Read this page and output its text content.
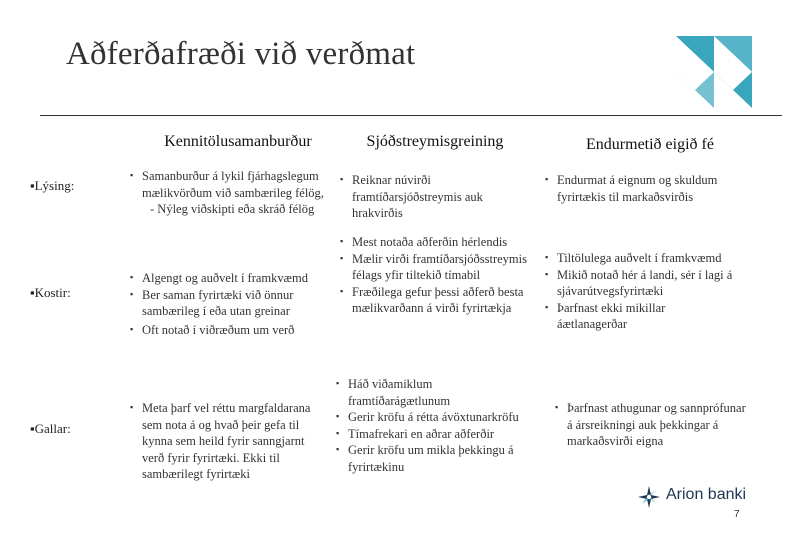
Aðferðafræði við verðmat
Kennitölusamanburður	Sjóðstreymisgreining	Endurmetið eigið fé
▪Lýsing:
▪Kostir:
▪Gallar:
▪ Samanburður á lykil fjárhagslegum mælikvörðum við sambærileg félög,
- Nýleg viðskipti eða skráð félög
▪ Algengt og auðvelt í framkvæmd
▪ Ber saman fyrirtæki við önnur sambærileg í eða utan greinar
▪ Oft notað í viðræðum um verð
▪ Meta þarf vel réttu margfaldarana sem nota á og hvað þeir gefa til kynna sem heild fyrir sanngjarnt verð fyrir fyrirtæki. Ekki til sambærilegt fyrirtæki
▪ Reiknar núvirði framtíðarsjóðstreymis auk hrakvirðis
▪ Mest notaða aðferðin hérlendis
▪ Mælir virði framtíðarsjóðsstreymis félags yfir tiltekið tímabil
▪ Fræðilega gefur þessi aðferð besta mælikvarðann á virði fyrirtækja
▪ Háð viðamiklum framtíðarágætlunum
▪ Gerir kröfu á rétta ávöxtunarkröfu
▪ Tímafrekari en aðrar aðferðir
▪ Gerir kröfu um mikla þekkingu á fyrirtækinu
▪ Endurmat á eignum og skuldum fyrirtækis til markaðsvirðis
▪ Tiltölulega auðvelt í framkvæmd
▪ Mikið notað hér á landi, sér í lagi á sjávarútvegsfyrirtæki
▪ Þarfnast ekki mikillar áætlanagerðar
▪ Þarfnast athugunar og sannprófunar á ársreikningi auk þekkingar á markaðsvirði eigna
Arion banki
7
